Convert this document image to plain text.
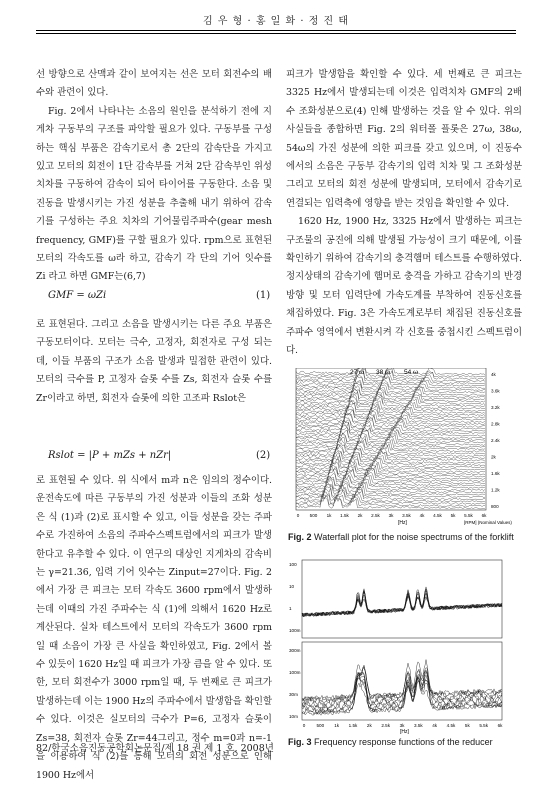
김 우 형 · 홍 일 화 · 정 진 태

선 방향으로 산맥과 같이 보여지는 선은 모터 회전수의 배수와 관련이 있다.

Fig. 2에서 나타나는 소음의 원인을 분석하기 전에 지게차 구동부의 구조를 파악할 필요가 있다. 구동부를 구성하는 핵심 부품은 감속기로서 총 2단의 감속단을 가지고 있고 모터의 회전이 1단 감속부를 거쳐 2단 감속부인 위성치차를 구동하여 감속이 되어 타이어를 구동한다. 소음 및 진동을 발생시키는 가진 성분을 추출해 내기 위하여 감속기를 구성하는 주요 치차의 기어물림주파수(gear mesh frequency, GMF)를 구할 필요가 있다. rpm으로 표현된 모터의 각속도를 ω라 하고, 감속기 각 단의 기어 잇수를 Zi 라고 하면 GMF는(6,7)

GMF = ωZi	(1)

로 표현된다. 그리고 소음을 발생시키는 다른 주요 부품은 구동모터이다. 모터는 극수, 고정자, 회전자로 구성 되는데, 이들 부품의 구조가 소음 발생과 밀접한 관련이 있다. 모터의 극수를 P, 고정자 슬롯 수를 Zs, 회전자 슬롯 수를 Zr이라고 하면, 회전자 슬롯에 의한 고조파 Rslot은

Rslot = |P + mZs + nZr|	(2)

로 표현될 수 있다. 위 식에서 m과 n은 임의의 정수이다. 운전속도에 따른 구동부의 가진 성분과 이들의 조화 성분은 식 (1)과 (2)로 표시할 수 있고, 이들 성분을 갖는 주파수로 가진하여 소음의 주파수스펙트럼에서의 피크가 발생한다고 유추할 수 있다. 이 연구의 대상인 지게차의 감속비는 γ=21.36, 입력 기어 잇수는 Zinput=27이다. Fig. 2에서 가장 큰 피크는 모터 각속도 3600 rpm에서 발생하는데 이때의 가진 주파수는 식 (1)에 의해서 1620 Hz로 계산된다. 실차 테스트에서 모터의 각속도가 3600 rpm일 때 소음이 가장 큰 사실을 확인하였고, Fig. 2에서 볼 수 있듯이 1620 Hz일 때 피크가 가장 큼을 알 수 있다. 또한, 모터 회전수가 3000 rpm일 때, 두 번째로 큰 피크가 발생하는데 이는 1900 Hz의 주파수에서 발생함을 확인할 수 있다. 이것은 실모터의 극수가 P=6, 고정자 슬롯이 Zs=38, 회전자 슬롯 Zr=44그리고, 정수 m=0과 n=-1을 이용하여 식 (2)를 통해 모터의 회전 성분으로 인해 1900 Hz에서

피크가 발생함을 확인할 수 있다. 세 번째로 큰 피크는 3325 Hz에서 발생되는데 이것은 입력치차 GMF의 2배수 조화성분으로(4) 인해 발생하는 것을 알 수 있다. 위의 사실들을 종합하면 Fig. 2의 워터폴 플롯은 27ω, 38ω, 54ω의 가진 성분에 의한 피크를 갖고 있으며, 이 진동수에서의 소음은 구동부 감속기의 입력 치차 및 그 조화성분 그리고 모터의 회전 성분에 발생되며, 모터에서 감속기로 연결되는 입력축에 영향을 받는 것임을 확인할 수 있다.

1620 Hz, 1900 Hz, 3325 Hz에서 발생하는 피크는 구조물의 공진에 의해 발생될 가능성이 크기 때문에, 이를 확인하기 위하여 감속기의 충격햄머 테스트를 수행하였다. 정지상태의 감속기에 햄머로 충격을 가하고 감속기의 반경 방향 및 모터 입력단에 가속도계를 부착하여 진동신호를 채집하였다. Fig. 3은 가속도계로부터 채집된 진동신호를 주파수 영역에서 변환시켜 각 신호를 중첩시킨 스펙트럼이다.

27 ω 38 ω 54 ω	4k
3.6k
3.2k
2.8k
2.4k
2k
1.6k
1.2k
800
0 500 1k 1.5k 2k 2.5k 3k 3.5k 4k 4.5k 5k 5.5k 6k
[Hz]	[RPM] (Nominal Values)
Fig. 2 Waterfall plot for the noise spectrums of the forklift
100
10
1
100m
300m
100m
30m
10m
0 500 1k 1.5k 2k 2.5k 3k 3.5k 4k 4.5k 5k 5.5k 6k
[Hz]
Fig. 3 Frequency response functions of the reducer
82/한국소음진동공학회논문집/제 18 권 제 1 호, 2008년
